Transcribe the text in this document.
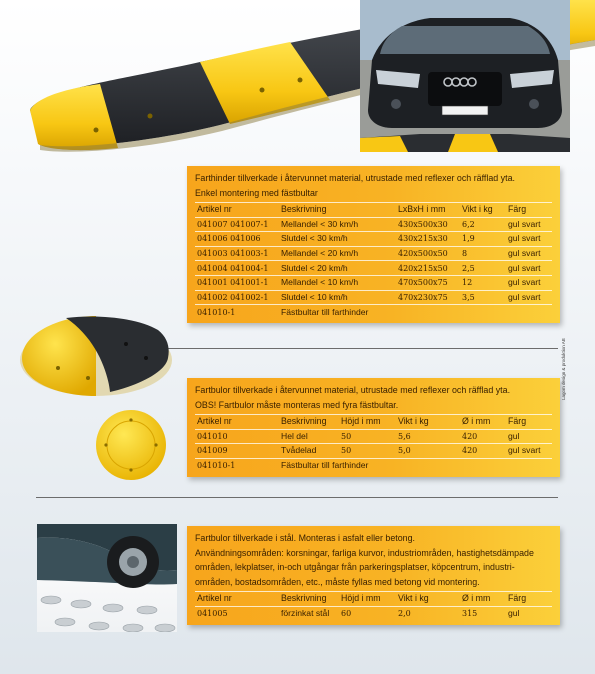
Farthinder tillverkade i återvunnet material, utrustade med reflexer och räfflad yta.

Enkel montering med fästbultar

Artikel nr	Beskrivning	LxBxH i mm	Vikt i kg	Färg
041007 041007-1	Mellandel < 30 km/h	430x500x30	6,2	gul svart
041006 041006	Slutdel < 30 km/h	430x215x30	1,9	gul svart
041003 041003-1	Mellandel < 20 km/h	420x500x50	8	gul svart
041004 041004-1	Slutdel < 20 km/h	420x215x50	2,5	gul svart
041001 041001-1	Mellandel < 10 km/h	470x500x75	12	gul svart
041002 041002-1	Slutdel < 10 km/h	470x230x75	3,5	gul svart
041010-1	Fästbultar till farthinder			
Lagom design & produktion AB

Fartbulor tillverkade i återvunnet material, utrustade med reflexer och räfflad yta.

OBS! Fartbulor måste monteras med fyra fästbultar.

Artikel nr	Beskrivning	Höjd i mm	Vikt i kg	Ø i mm	Färg
041010	Hel del	50	5,6	420	gul
041009	Tvådelad	50	5,0	420	gul svart
041010-1	Fästbultar till farthinder				

Fartbulor tillverkade i stål. Monteras i asfalt eller betong.

Användningsområden: korsningar, farliga kurvor, industriområden, hastighetsdämpade

områden, lekplatser, in-och utgångar från parkeringsplatser, köpcentrum, industri-

områden, bostadsområden, etc., måste fyllas med betong vid montering.

Artikel nr	Beskrivning	Höjd i mm	Vikt i kg	Ø i mm	Färg
041005	förzinkat stål	60	2,0	315	gul
